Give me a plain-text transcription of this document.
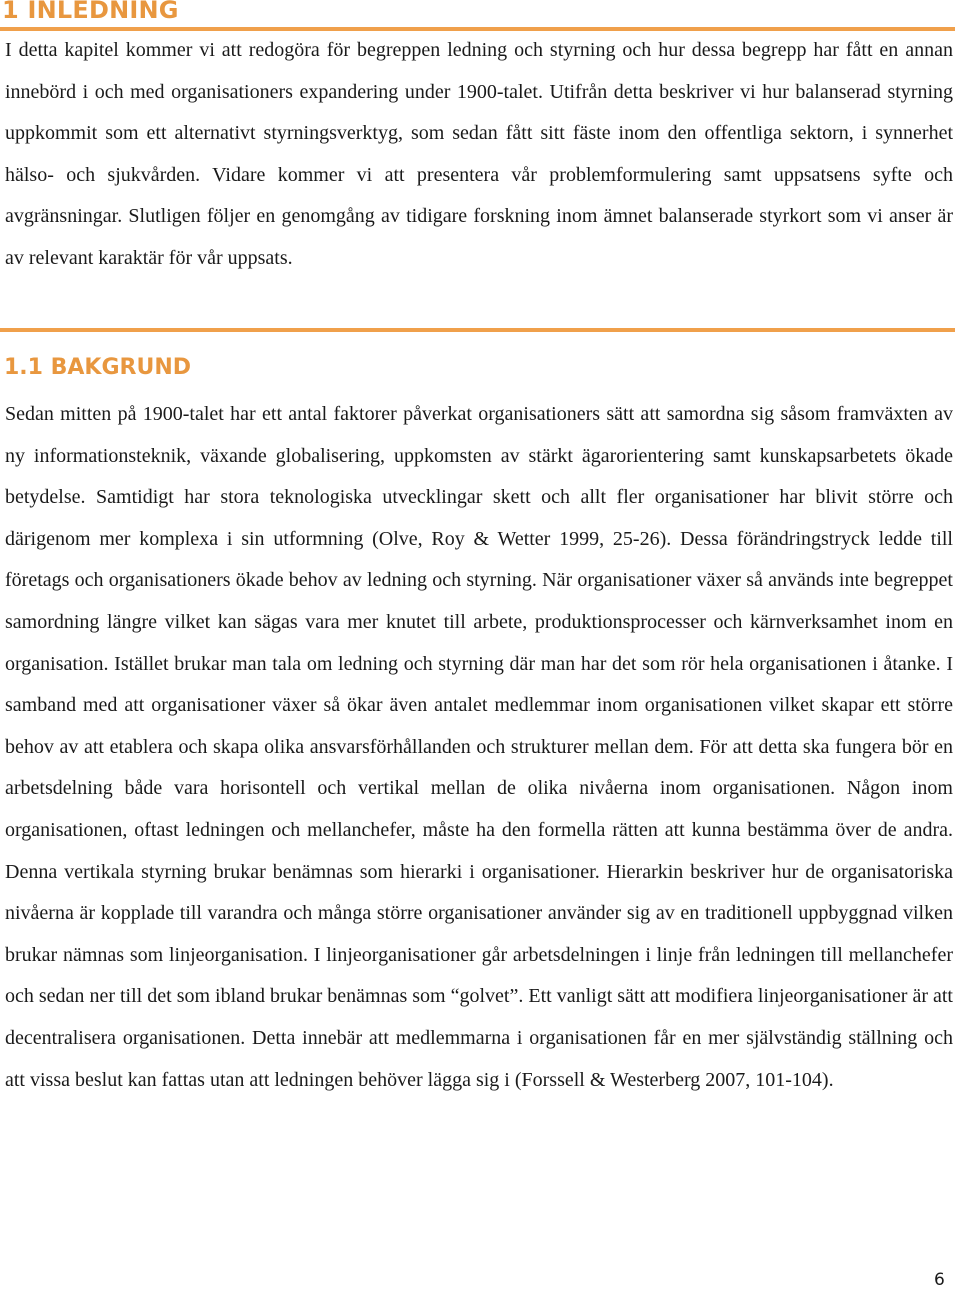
1 INLEDNING

I detta kapitel kommer vi att redogöra för begreppen ledning och styrning och hur dessa begrepp har fått en annan innebörd i och med organisationers expandering under 1900-talet. Utifrån detta beskriver vi hur balanserad styrning uppkommit som ett alternativt styrningsverktyg, som sedan fått sitt fäste inom den offentliga sektorn, i synnerhet hälso- och sjukvården. Vidare kommer vi att presentera vår problemformulering samt uppsatsens syfte och avgränsningar. Slutligen följer en genomgång av tidigare forskning inom ämnet balanserade styrkort som vi anser är av relevant karaktär för vår uppsats.

1.1 BAKGRUND

Sedan mitten på 1900-talet har ett antal faktorer påverkat organisationers sätt att samordna sig såsom framväxten av ny informationsteknik, växande globalisering, uppkomsten av stärkt ägarorientering samt kunskapsarbetets ökade betydelse. Samtidigt har stora teknologiska utvecklingar skett och allt fler organisationer har blivit större och därigenom mer komplexa i sin utformning (Olve, Roy & Wetter 1999, 25-26). Dessa förändringstryck ledde till företags och organisationers ökade behov av ledning och styrning. När organisationer växer så används inte begreppet samordning längre vilket kan sägas vara mer knutet till arbete, produktionsprocesser och kärnverksamhet inom en organisation. Istället brukar man tala om ledning och styrning där man har det som rör hela organisationen i åtanke. I samband med att organisationer växer så ökar även antalet medlemmar inom organisationen vilket skapar ett större behov av att etablera och skapa olika ansvarsförhållanden och strukturer mellan dem. För att detta ska fungera bör en arbetsdelning både vara horisontell och vertikal mellan de olika nivåerna inom organisationen. Någon inom organisationen, oftast ledningen och mellanchefer, måste ha den formella rätten att kunna bestämma över de andra. Denna vertikala styrning brukar benämnas som hierarki i organisationer. Hierarkin beskriver hur de organisatoriska nivåerna är kopplade till varandra och många större organisationer använder sig av en traditionell uppbyggnad vilken brukar nämnas som linjeorganisation. I linjeorganisationer går arbetsdelningen i linje från ledningen till mellanchefer och sedan ner till det som ibland brukar benämnas som “golvet”. Ett vanligt sätt att modifiera linjeorganisationer är att decentralisera organisationen. Detta innebär att medlemmarna i organisationen får en mer självständig ställning och att vissa beslut kan fattas utan att ledningen behöver lägga sig i (Forssell & Westerberg 2007, 101-104).

6
